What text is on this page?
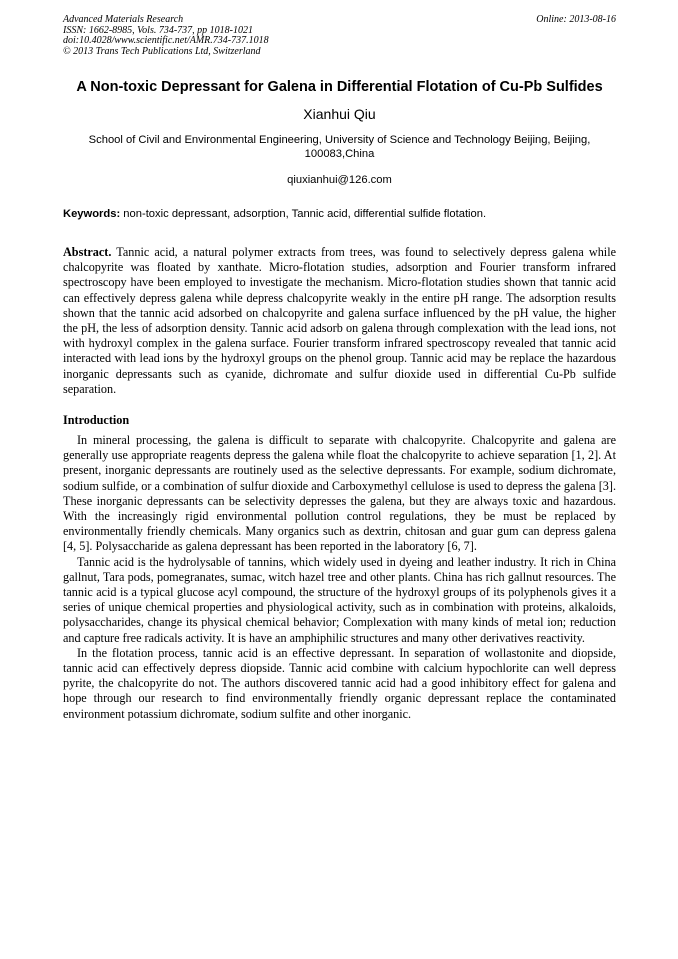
Advanced Materials Research
ISSN: 1662-8985, Vols. 734-737, pp 1018-1021
doi:10.4028/www.scientific.net/AMR.734-737.1018
© 2013 Trans Tech Publications Ltd, Switzerland
Online: 2013-08-16
A Non-toxic Depressant for Galena in Differential Flotation of Cu-Pb Sulfides
Xianhui Qiu
School of Civil and Environmental Engineering, University of Science and Technology Beijing, Beijing, 100083,China
qiuxianhui@126.com
Keywords: non-toxic depressant, adsorption, Tannic acid, differential sulfide flotation.
Abstract. Tannic acid, a natural polymer extracts from trees, was found to selectively depress galena while chalcopyrite was floated by xanthate. Micro-flotation studies, adsorption and Fourier transform infrared spectroscopy have been employed to investigate the mechanism. Micro-flotation studies shown that tannic acid can effectively depress galena while depress chalcopyrite weakly in the entire pH range. The adsorption results shown that the tannic acid adsorbed on chalcopyrite and galena surface influenced by the pH value, the higher the pH, the less of adsorption density. Tannic acid adsorb on galena through complexation with the lead ions, not with hydroxyl complex in the galena surface. Fourier transform infrared spectroscopy revealed that tannic acid interacted with lead ions by the hydroxyl groups on the phenol group. Tannic acid may be replace the hazardous inorganic depressants such as cyanide, dichromate and sulfur dioxide used in differential Cu-Pb sulfide separation.
Introduction
In mineral processing, the galena is difficult to separate with chalcopyrite. Chalcopyrite and galena are generally use appropriate reagents depress the galena while float the chalcopyrite to achieve separation [1, 2]. At present, inorganic depressants are routinely used as the selective depressants. For example, sodium dichromate, sodium sulfide, or a combination of sulfur dioxide and Carboxymethyl cellulose is used to depress the galena [3]. These inorganic depressants can be selectivity depresses the galena, but they are always toxic and hazardous. With the increasingly rigid environmental pollution control regulations, they be must be replaced by environmentally friendly chemicals. Many organics such as dextrin, chitosan and guar gum can depress galena [4, 5]. Polysaccharide as galena depressant has been reported in the laboratory [6, 7].
Tannic acid is the hydrolysable of tannins, which widely used in dyeing and leather industry. It rich in China gallnut, Tara pods, pomegranates, sumac, witch hazel tree and other plants. China has rich gallnut resources. The tannic acid is a typical glucose acyl compound, the structure of the hydroxyl groups of its polyphenols gives it a series of unique chemical properties and physiological activity, such as in combination with proteins, alkaloids, polysaccharides, change its physical chemical behavior; Complexation with many kinds of metal ion; reduction and capture free radicals activity. It is have an amphiphilic structures and many other derivatives reactivity.
In the flotation process, tannic acid is an effective depressant. In separation of wollastonite and diopside, tannic acid can effectively depress diopside. Tannic acid combine with calcium hypochlorite can well depress pyrite, the chalcopyrite do not. The authors discovered tannic acid had a good inhibitory effect for galena and hope through our research to find environmentally friendly organic depressant replace the contaminated environment potassium dichromate, sodium sulfite and other inorganic.
